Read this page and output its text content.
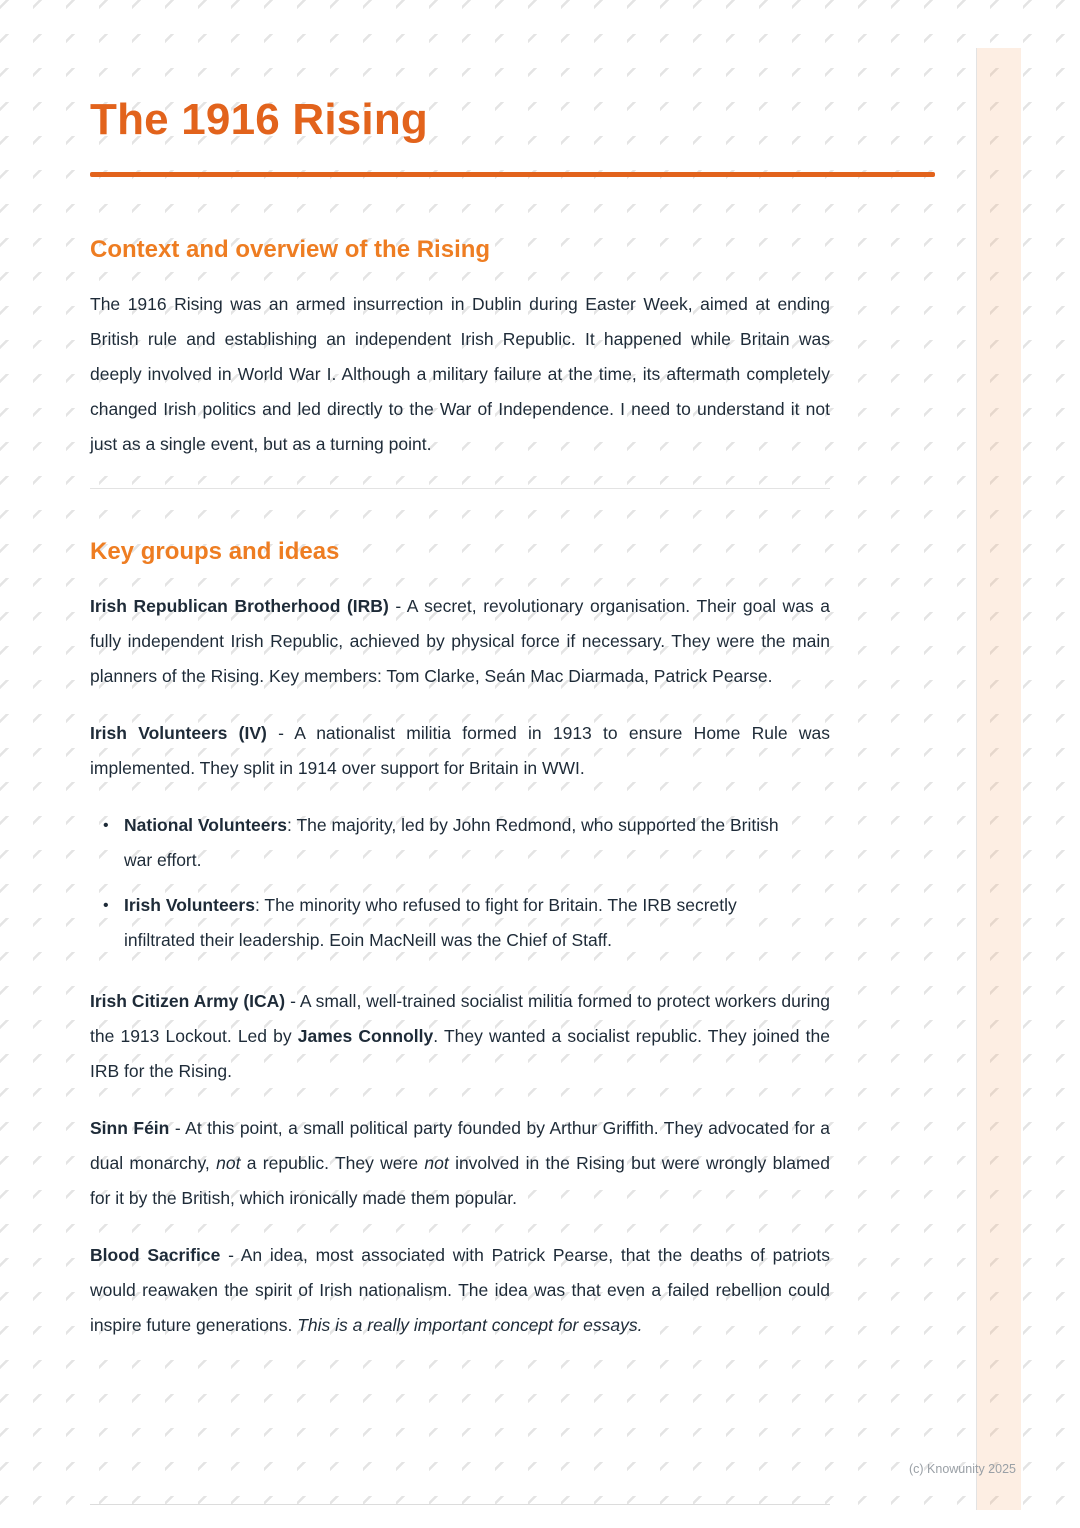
The 1916 Rising
Context and overview of the Rising

The 1916 Rising was an armed insurrection in Dublin during Easter Week, aimed at ending British rule and establishing an independent Irish Republic. It happened while Britain was deeply involved in World War I. Although a military failure at the time, its aftermath completely changed Irish politics and led directly to the War of Independence. I need to understand it not just as a single event, but as a turning point.

Key groups and ideas

Irish Republican Brotherhood (IRB) - A secret, revolutionary organisation. Their goal was a fully independent Irish Republic, achieved by physical force if necessary. They were the main planners of the Rising. Key members: Tom Clarke, Seán Mac Diarmada, Patrick Pearse.

Irish Volunteers (IV) - A nationalist militia formed in 1913 to ensure Home Rule was implemented. They split in 1914 over support for Britain in WWI.

• National Volunteers: The majority, led by John Redmond, who supported the British war effort.
• Irish Volunteers: The minority who refused to fight for Britain. The IRB secretly infiltrated their leadership. Eoin MacNeill was the Chief of Staff.

Irish Citizen Army (ICA) - A small, well-trained socialist militia formed to protect workers during the 1913 Lockout. Led by James Connolly. They wanted a socialist republic. They joined the IRB for the Rising.

Sinn Féin - At this point, a small political party founded by Arthur Griffith. They advocated for a dual monarchy, not a republic. They were not involved in the Rising but were wrongly blamed for it by the British, which ironically made them popular.

Blood Sacrifice - An idea, most associated with Patrick Pearse, that the deaths of patriots would reawaken the spirit of Irish nationalism. The idea was that even a failed rebellion could inspire future generations. This is a really important concept for essays.

(c) Knowunity 2025
